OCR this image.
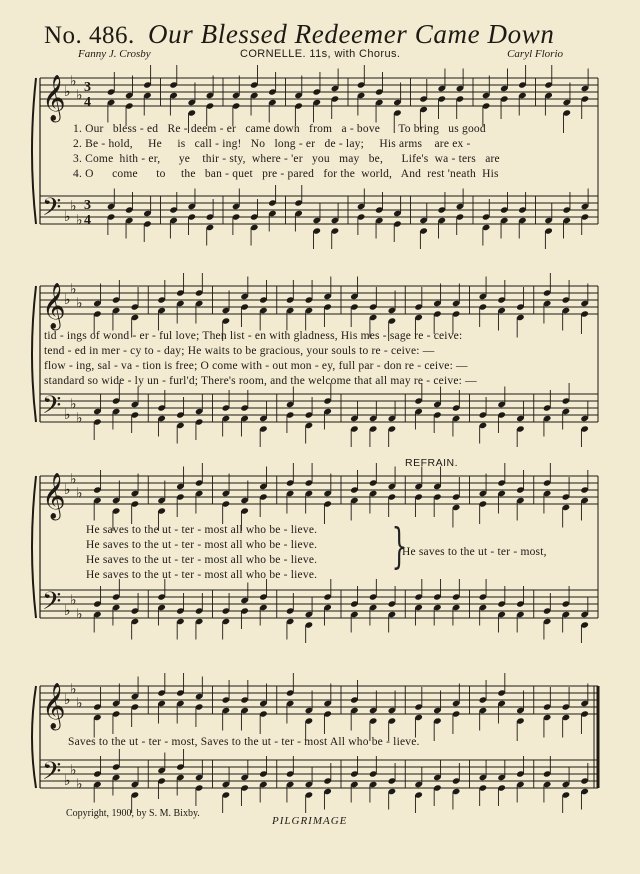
No. 486. Our Blessed Redeemer Came Down
Fanny J. Crosby	CORNELLE. 11s, with Chorus.	Caryl Florio
𝄞
𝄢
♭
♭
♭
♭
♭
♭
3
4
3
4
𝄞
𝄢
♭
♭
♭
♭
♭
♭
𝄞
𝄢
♭
♭
♭
♭
♭
♭
𝄞
𝄢
♭
♭
♭
♭
♭
♭
1. Our bless - ed Re - deem - er came down from a - bove To bring us good
2. Be - hold, He is call - ing! No long - er de - lay; His arms are ex -
3. Come hith - er, ye thir - sty, where - 'er you may be, Life's wa - ters are
4. O come to the ban - quet pre - pared for the world, And rest 'neath His
tid - ings of wond - er - ful love; Then list - en with gladness, His mes - sage re - ceive:
tend - ed in mer - cy to - day; He waits to be gracious, your souls to re - ceive: —
flow - ing, sal - va - tion is free; O come with - out mon - ey, full par - don re - ceive: —
standard so wide - ly un - furl'd; There's room, and the welcome that all may re - ceive: —
REFRAIN.
He saves to the ut - ter - most all who be - lieve.
He saves to the ut - ter - most all who be - lieve.
He saves to the ut - ter - most all who be - lieve.
He saves to the ut - ter - most all who be - lieve.
}
He saves to the ut - ter - most,
Saves to the ut - ter - most, Saves to the ut - ter - most All who be - lieve.
Copyright, 1900, by S. M. Bixby.
PILGRIMAGE
